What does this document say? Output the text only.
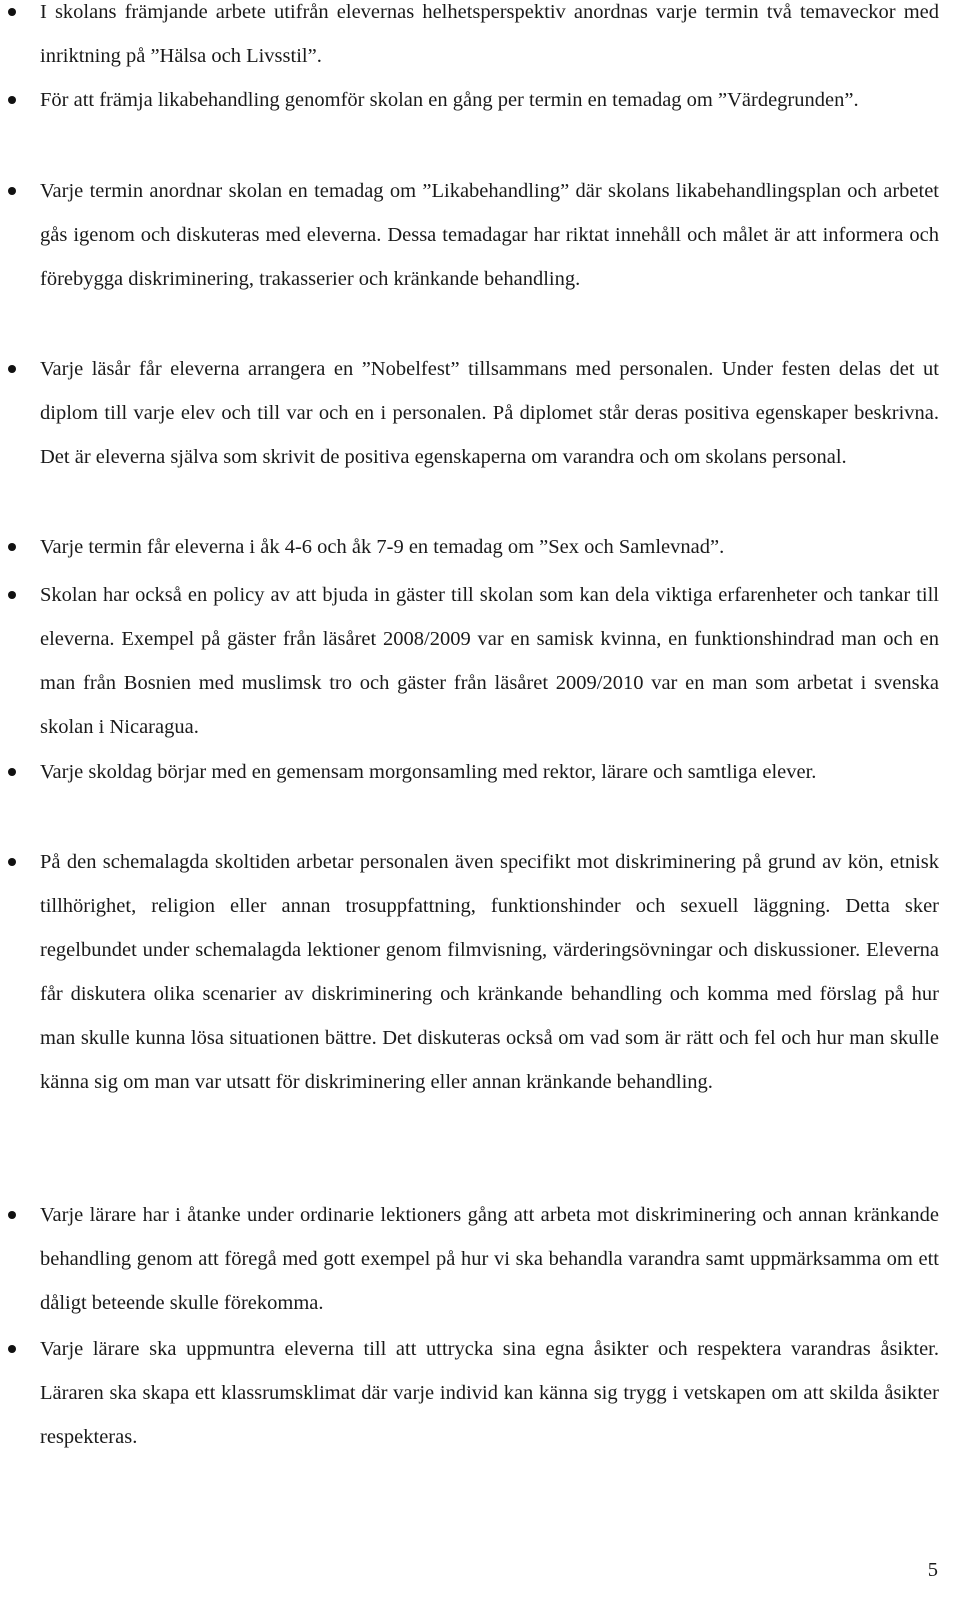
I skolans främjande arbete utifrån elevernas helhetsperspektiv anordnas varje termin två temaveckor med inriktning på ”Hälsa och Livsstil”.
För att främja likabehandling genomför skolan en gång per termin en temadag om ”Värdegrunden”.
Varje termin anordnar skolan en temadag om ”Likabehandling” där skolans likabehandlingsplan och arbetet gås igenom och diskuteras med eleverna. Dessa temadagar har riktat innehåll och målet är att informera och förebygga diskriminering, trakasserier och kränkande behandling.
Varje läsår får eleverna arrangera en ”Nobelfest” tillsammans med personalen. Under festen delas det ut diplom till varje elev och till var och en i personalen. På diplomet står deras positiva egenskaper beskrivna. Det är eleverna själva som skrivit de positiva egenskaperna om varandra och om skolans personal.
Varje termin får eleverna i åk 4-6 och åk 7-9 en temadag om ”Sex och Samlevnad”.
Skolan har också en policy av att bjuda in gäster till skolan som kan dela viktiga erfarenheter och tankar till eleverna. Exempel på gäster från läsåret 2008/2009 var en samisk kvinna, en funktionshindrad man och en man från Bosnien med muslimsk tro och gäster från läsåret 2009/2010 var en man som arbetat i svenska skolan i Nicaragua.
Varje skoldag börjar med en gemensam morgonsamling med rektor, lärare och samtliga elever.
På den schemalagda skoltiden arbetar personalen även specifikt mot diskriminering på grund av kön, etnisk tillhörighet, religion eller annan trosuppfattning, funktionshinder och sexuell läggning. Detta sker regelbundet under schemalagda lektioner genom filmvisning, värderingsövningar och diskussioner. Eleverna får diskutera olika scenarier av diskriminering och kränkande behandling och komma med förslag på hur man skulle kunna lösa situationen bättre. Det diskuteras också om vad som är rätt och fel och hur man skulle känna sig om man var utsatt för diskriminering eller annan kränkande behandling.
Varje lärare har i åtanke under ordinarie lektioners gång att arbeta mot diskriminering och annan kränkande behandling genom att föregå med gott exempel på hur vi ska behandla varandra samt uppmärksamma om ett dåligt beteende skulle förekomma.
Varje lärare ska uppmuntra eleverna till att uttrycka sina egna åsikter och respektera varandras åsikter. Läraren ska skapa ett klassrumsklimat där varje individ kan känna sig trygg i vetskapen om att skilda åsikter respekteras.
5
